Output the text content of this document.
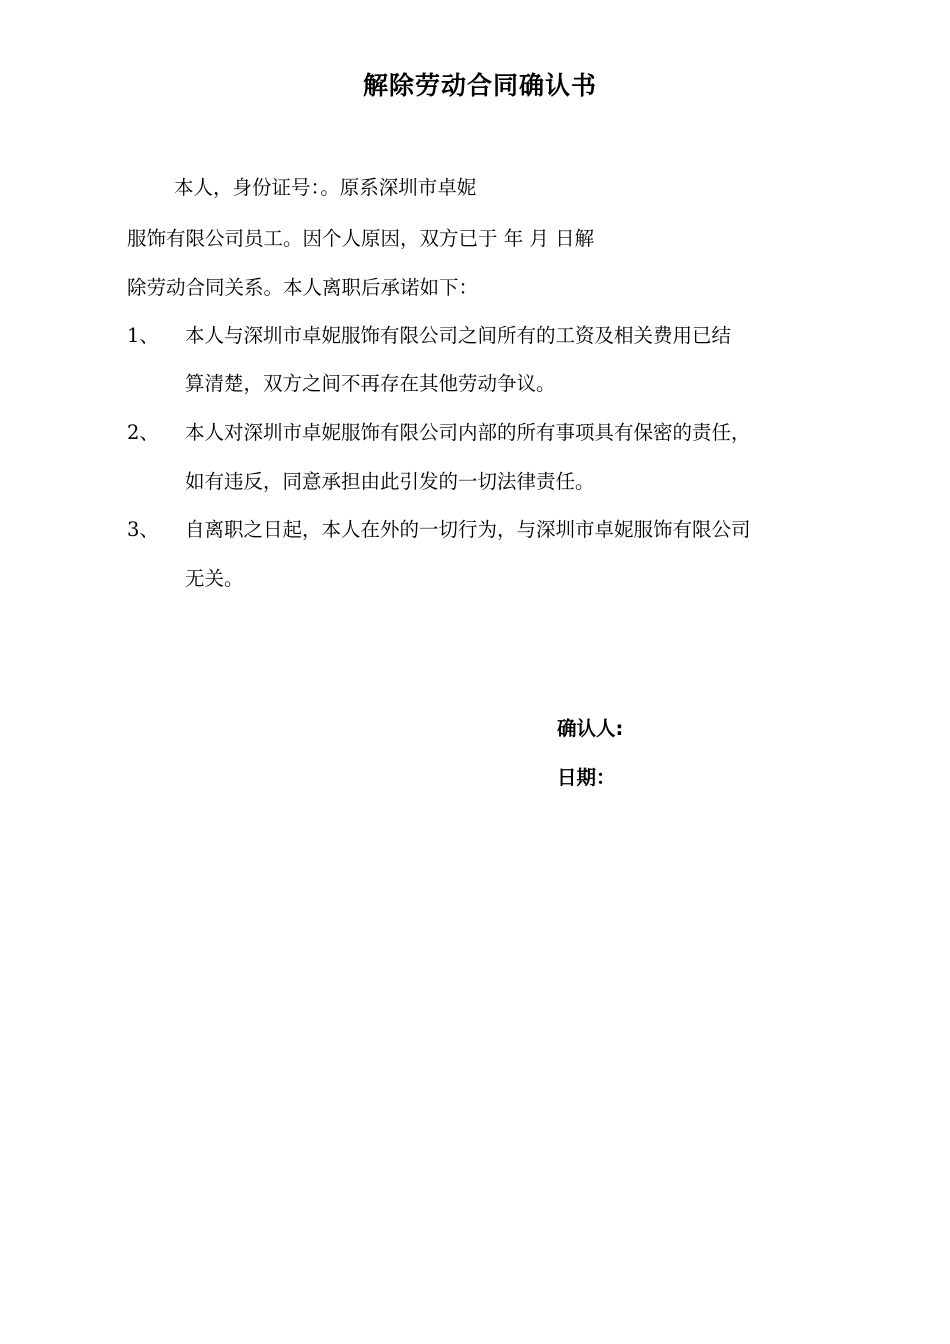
解除劳动合同确认书
本人，身份证号：。原系深圳市卓妮
服饰有限公司员工。因个人原因，双方已于 年 月 日解
除劳动合同关系。本人离职后承诺如下：
1、 本人与深圳市卓妮服饰有限公司之间所有的工资及相关费用已结
算清楚，双方之间不再存在其他劳动争议。
2、 本人对深圳市卓妮服饰有限公司内部的所有事项具有保密的责任，
如有违反，同意承担由此引发的一切法律责任。
3、 自离职之日起，本人在外的一切行为，与深圳市卓妮服饰有限公司
无关。
确认人:
日期：
